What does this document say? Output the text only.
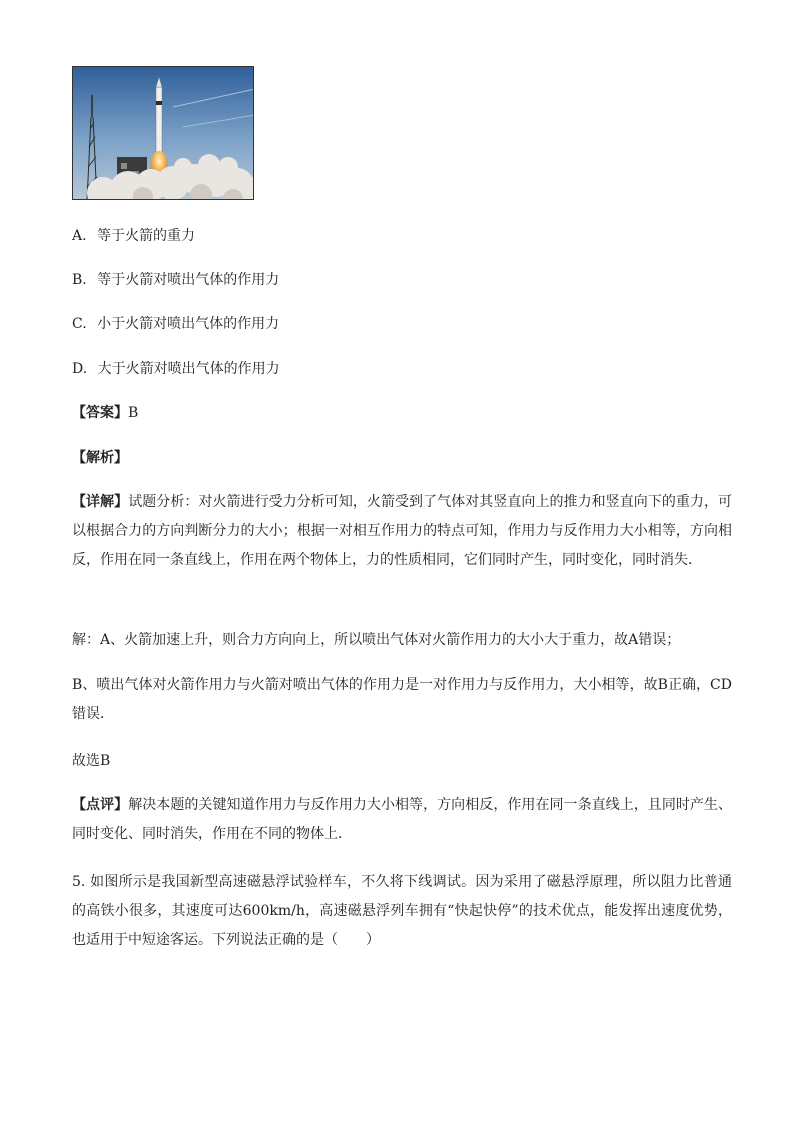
A. 等于火箭的重力
B. 等于火箭对喷出气体的作用力
C. 小于火箭对喷出气体的作用力
D. 大于火箭对喷出气体的作用力
【答案】B
【解析】
【详解】试题分析：对火箭进行受力分析可知，火箭受到了气体对其竖直向上的推力和竖直向下的重力，可以根据合力的方向判断分力的大小；根据一对相互作用力的特点可知，作用力与反作用力大小相等，方向相反，作用在同一条直线上，作用在两个物体上，力的性质相同，它们同时产生，同时变化，同时消失．
解：A、火箭加速上升，则合力方向向上，所以喷出气体对火箭作用力的大小大于重力，故A错误；
B、喷出气体对火箭作用力与火箭对喷出气体的作用力是一对作用力与反作用力，大小相等，故B正确，CD错误．
故选B
【点评】解决本题的关键知道作用力与反作用力大小相等，方向相反，作用在同一条直线上，且同时产生、同时变化、同时消失，作用在不同的物体上．
5. 如图所示是我国新型高速磁悬浮试验样车，不久将下线调试。因为采用了磁悬浮原理，所以阻力比普通的高铁小很多，其速度可达600km/h，高速磁悬浮列车拥有“快起快停”的技术优点，能发挥出速度优势，也适用于中短途客运。下列说法正确的是（　　）
